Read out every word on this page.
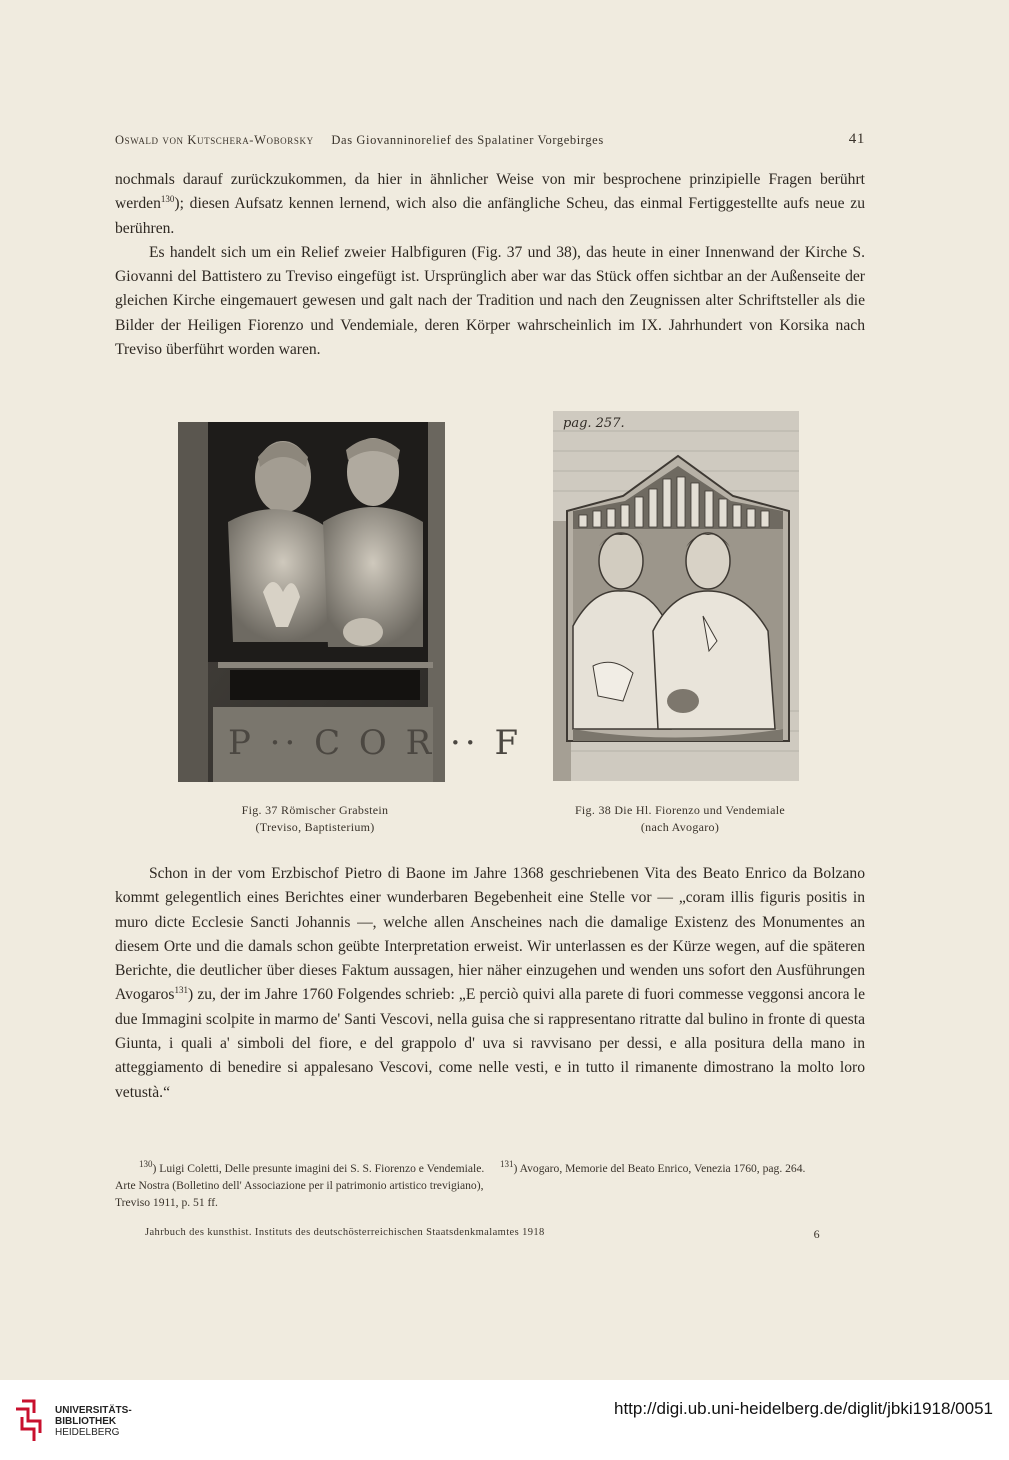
Oswald von Kutschera-Woborsky Das Giovanninorelief des Spalatiner Vorgebirges	41

nochmals darauf zurückzukommen, da hier in ähnlicher Weise von mir besprochene prinzipielle Fragen berührt werden$^{130}$); diesen Aufsatz kennen lernend, wich also die anfängliche Scheu, das einmal Fertiggestellte aufs neue zu berühren.

Es handelt sich um ein Relief zweier Halbfiguren (Fig. 37 und 38), das heute in einer Innenwand der Kirche S. Giovanni del Battistero zu Treviso eingefügt ist. Ursprünglich aber war das Stück offen sichtbar an der Außenseite der gleichen Kirche eingemauert gewesen und galt nach der Tradition und nach den Zeugnissen alter Schriftsteller als die Bilder der Heiligen Fiorenzo und Vendemiale, deren Körper wahrscheinlich im IX. Jahrhundert von Korsika nach Treviso überführt worden waren.

P ·· C O R ·· F
pag. 257.
Fig. 37 Römischer Grabstein
(Treviso, Baptisterium)
Fig. 38 Die Hl. Fiorenzo und Vendemiale
(nach Avogaro)

Schon in der vom Erzbischof Pietro di Baone im Jahre 1368 geschriebenen Vita des Beato Enrico da Bolzano kommt gelegentlich eines Berichtes einer wunderbaren Begebenheit eine Stelle vor — „coram illis figuris positis in muro dicte Ecclesie Sancti Johannis —, welche allen Anscheines nach die damalige Existenz des Monumentes an diesem Orte und die damals schon geübte Interpretation erweist. Wir unterlassen es der Kürze wegen, auf die späteren Berichte, die deutlicher über dieses Faktum aussagen, hier näher einzugehen und wenden uns sofort den Ausführungen Avogaros$^{131}$) zu, der im Jahre 1760 Folgendes schrieb: „E perciò quivi alla parete di fuori commesse veggonsi ancora le due Immagini scolpite in marmo de' Santi Vescovi, nella guisa che si rappresentano ritratte dal bulino in fronte di questa Giunta, i quali a' simboli del fiore, e del grappolo d' uva si ravvisano per dessi, e alla positura della mano in atteggiamento di benedire si appalesano Vescovi, come nelle vesti, e in tutto il rimanente dimostrano la molto loro vetustà.“

$^{130}$) Luigi Coletti, Delle presunte imagini dei S. S. Fiorenzo e Vendemiale. Arte Nostra (Bolletino dell' Associazione per il patrimonio artistico trevigiano), Treviso 1911, p. 51 ff.

$^{131}$) Avogaro, Memorie del Beato Enrico, Venezia 1760, pag. 264.

Jahrbuch des kunsthist. Instituts des deutschösterreichischen Staatsdenkmalamtes 1918	6
UNIVERSITÄTS-
BIBLIOTHEK
HEIDELBERG
http://digi.ub.uni-heidelberg.de/diglit/jbki1918/0051
